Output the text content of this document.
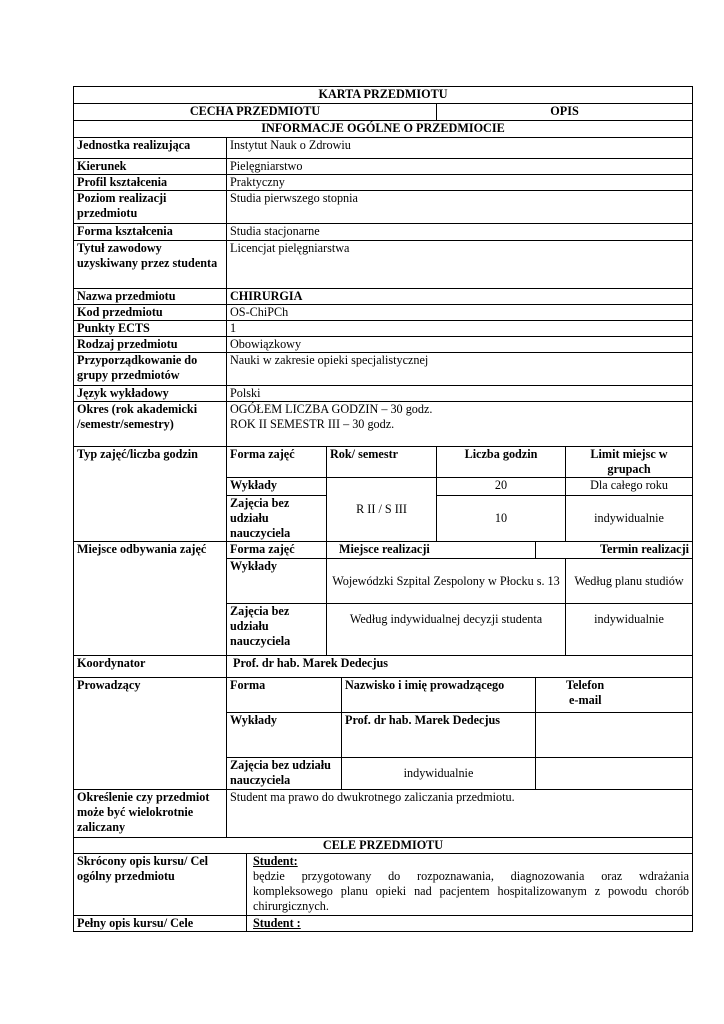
KARTA PRZEDMIOTU							
CECHA PRZEDMIOTU					OPIS		
INFORMACJE OGÓLNE O PRZEDMIOCIE							
Jednostka realizująca	Instytut Nauk o Zdrowiu						
Kierunek	Pielęgniarstwo						
Profil kształcenia	Praktyczny						
Poziom realizacji przedmiotu	Studia pierwszego stopnia						
Forma kształcenia	Studia stacjonarne						
Tytuł zawodowy uzyskiwany przez studenta	Licencjat pielęgniarstwa						
Nazwa przedmiotu	CHIRURGIA						
Kod przedmiotu	OS-ChiPCh						
Punkty ECTS	1						
Rodzaj przedmiotu	Obowiązkowy						
Przyporządkowanie do grupy przedmiotów	Nauki w zakresie opieki specjalistycznej						
Język wykładowy	Polski						
Okres (rok akademicki /semestr/semestry)	OGÓŁEM LICZBA GODZIN – 30 godz.
ROK II SEMESTR III – 30 godz.						

Typ zajęć/liczba godzin	Forma zajęć		Rok/ semestr		Liczba godzin		Limit miejsc w grupach
	Wykłady		R II / S III		20		Dla całego roku
	Zajęcia bez udziału nauczyciela				10		indywidualnie
Miejsce odbywania zajęć	Forma zajęć		Miejsce realizacji			Termin realizacji	
	Wykłady		Wojewódzki Szpital Zespolony w Płocku s. 13				Według planu studiów
	Zajęcia bez udziału nauczyciela		Według indywidualnej decyzji studenta				indywidualnie
Koordynator	Prof. dr hab. Marek Dedecjus						
Prowadzący	Forma			Nazwisko i imię prowadzącego		Telefon
e-mail	

	Wykłady			Prof. dr hab. Marek Dedecjus			
	Zajęcia bez udziału nauczyciela			indywidualnie			
Określenie czy przedmiot może być wielokrotnie zaliczany	Student ma prawo do dwukrotnego zaliczania przedmiotu.						
CELE PRZEDMIOTU							
Skrócony opis kursu/ Cel ogólny przedmiotu		Student:
będzie przygotowany do rozpoznawania, diagnozowania oraz wdrażania kompleksowego planu opieki nad pacjentem hospitalizowanym z powodu chorób chirurgicznych.					

Pełny opis kursu/ Cele		Student :					
